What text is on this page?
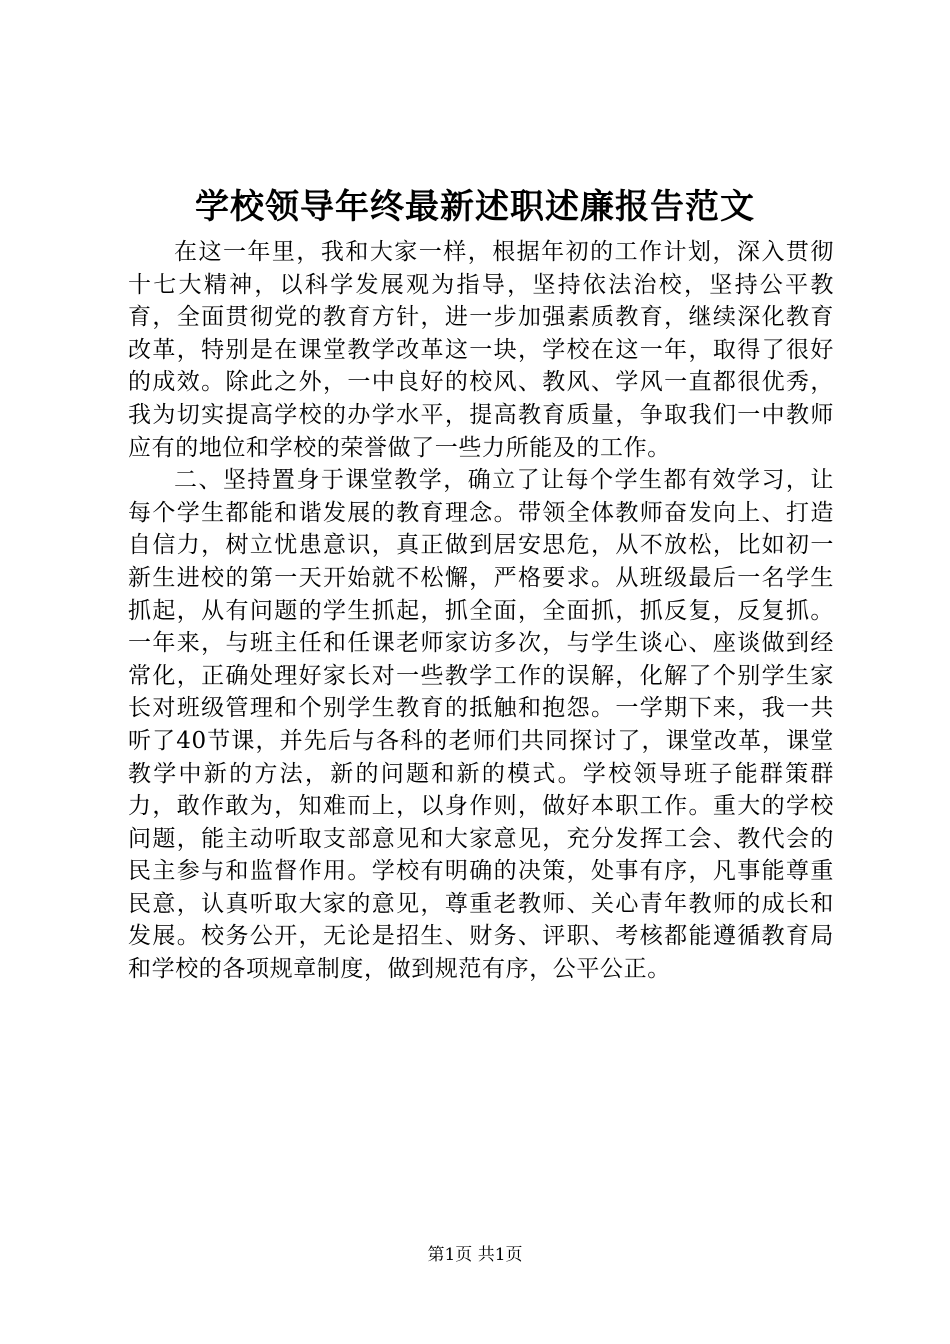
学校领导年终最新述职述廉报告范文

在这一年里，我和大家一样，根据年初的工作计划，深入贯彻十七大精神，以科学发展观为指导，坚持依法治校，坚持公平教育，全面贯彻党的教育方针，进一步加强素质教育，继续深化教育改革，特别是在课堂教学改革这一块，学校在这一年，取得了很好的成效。除此之外，一中良好的校风、教风、学风一直都很优秀，我为切实提高学校的办学水平，提高教育质量，争取我们一中教师应有的地位和学校的荣誉做了一些力所能及的工作。

二、坚持置身于课堂教学，确立了让每个学生都有效学习，让每个学生都能和谐发展的教育理念。带领全体教师奋发向上、打造自信力，树立忧患意识，真正做到居安思危，从不放松，比如初一新生进校的第一天开始就不松懈，严格要求。从班级最后一名学生抓起，从有问题的学生抓起，抓全面，全面抓，抓反复，反复抓。一年来，与班主任和任课老师家访多次，与学生谈心、座谈做到经常化，正确处理好家长对一些教学工作的误解，化解了个别学生家长对班级管理和个别学生教育的抵触和抱怨。一学期下来，我一共听了40节课，并先后与各科的老师们共同探讨了，课堂改革，课堂教学中新的方法，新的问题和新的模式。学校领导班子能群策群力，敢作敢为，知难而上，以身作则，做好本职工作。重大的学校问题，能主动听取支部意见和大家意见，充分发挥工会、教代会的民主参与和监督作用。学校有明确的决策，处事有序，凡事能尊重民意，认真听取大家的意见，尊重老教师、关心青年教师的成长和发展。校务公开，无论是招生、财务、评职、考核都能遵循教育局和学校的各项规章制度，做到规范有序，公平公正。

第1页 共1页
